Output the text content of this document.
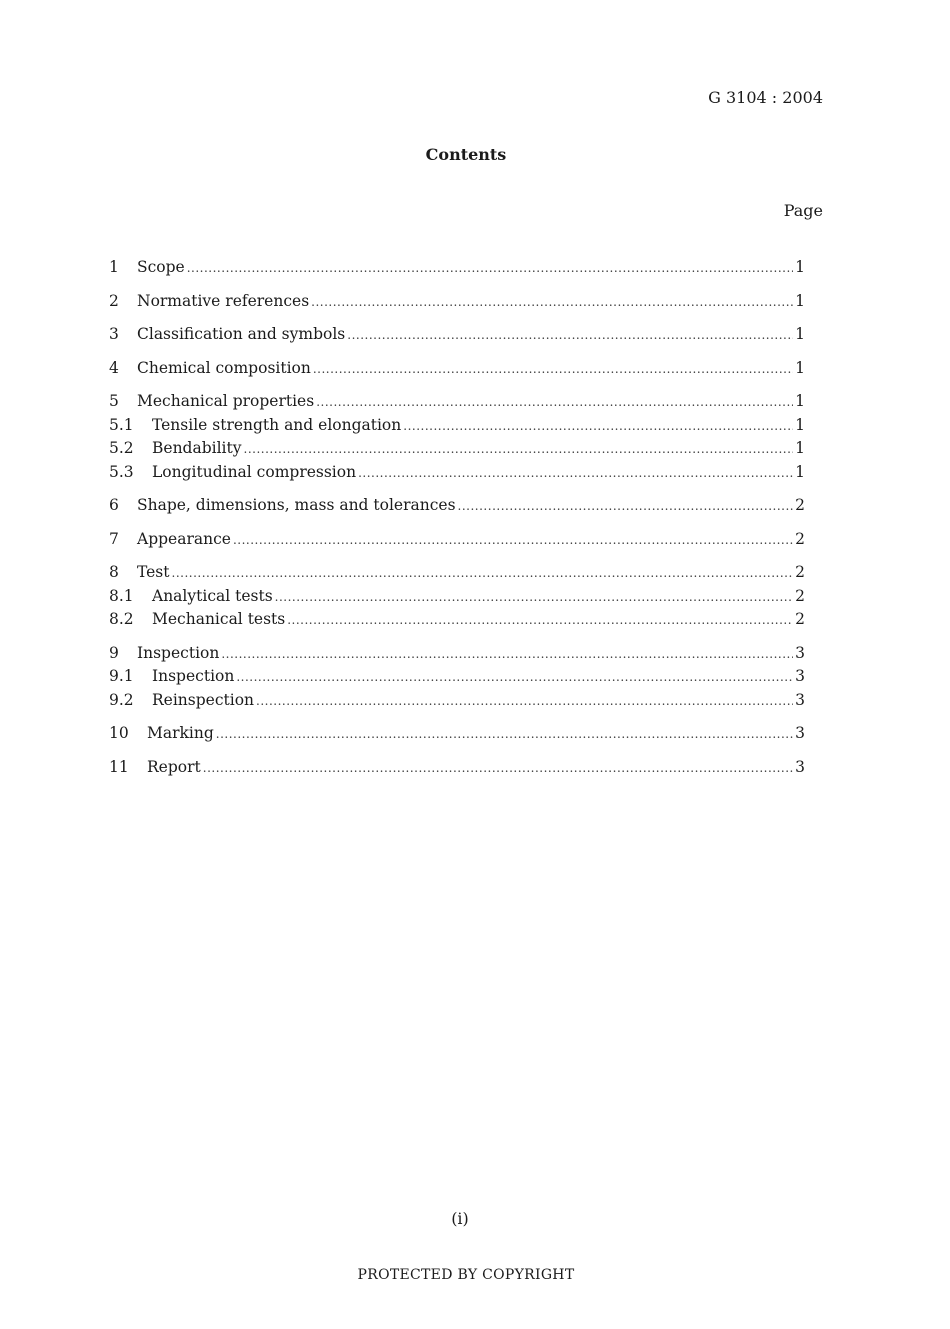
G 3104 : 2004
Contents
Page
1	Scope .....	1
2	Normative references .....	1
3	Classification and symbols .....	1
4	Chemical composition .....	1
5	Mechanical properties .....	1
5.1	Tensile strength and elongation .....	1
5.2	Bendability .....	1
5.3	Longitudinal compression .....	1
6	Shape, dimensions, mass and tolerances .....	2
7	Appearance .....	2
8	Test .....	2
8.1	Analytical tests .....	2
8.2	Mechanical tests .....	2
9	Inspection .....	3
9.1	Inspection .....	3
9.2	Reinspection .....	3
10	Marking .....	3
11	Report .....	3
(i)
PROTECTED BY COPYRIGHT
